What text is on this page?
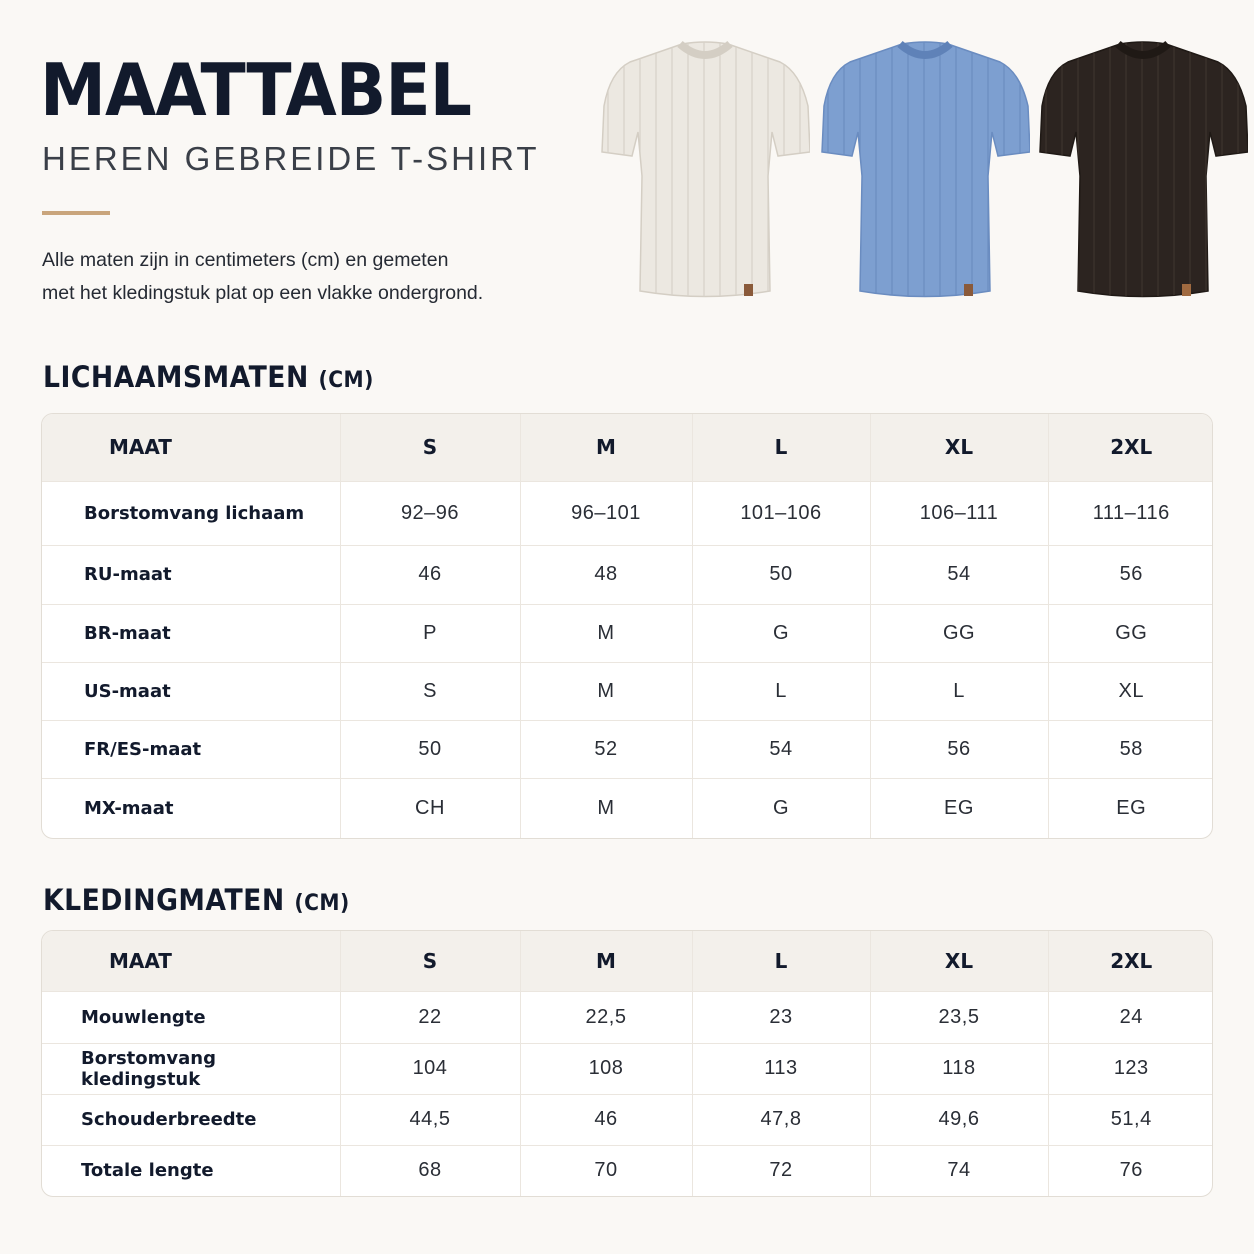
MAATTABEL
HEREN GEBREIDE T-SHIRT
Alle maten zijn in centimeters (cm) en gemeten
met het kledingstuk plat op een vlakke ondergrond.
LICHAAMSMATEN (CM)
MAAT	S	M	L	XL	2XL
Borstomvang lichaam	92–96	96–101	101–106	106–111	111–116
RU-maat	46	48	50	54	56
BR-maat	P	M	G	GG	GG
US-maat	S	M	L	L	XL
FR/ES-maat	50	52	54	56	58
MX-maat	CH	M	G	EG	EG
KLEDINGMATEN (CM)
MAAT	S	M	L	XL	2XL
Mouwlengte	22	22,5	23	23,5	24
Borstomvang kledingstuk	104	108	113	118	123
Schouderbreedte	44,5	46	47,8	49,6	51,4
Totale lengte	68	70	72	74	76
